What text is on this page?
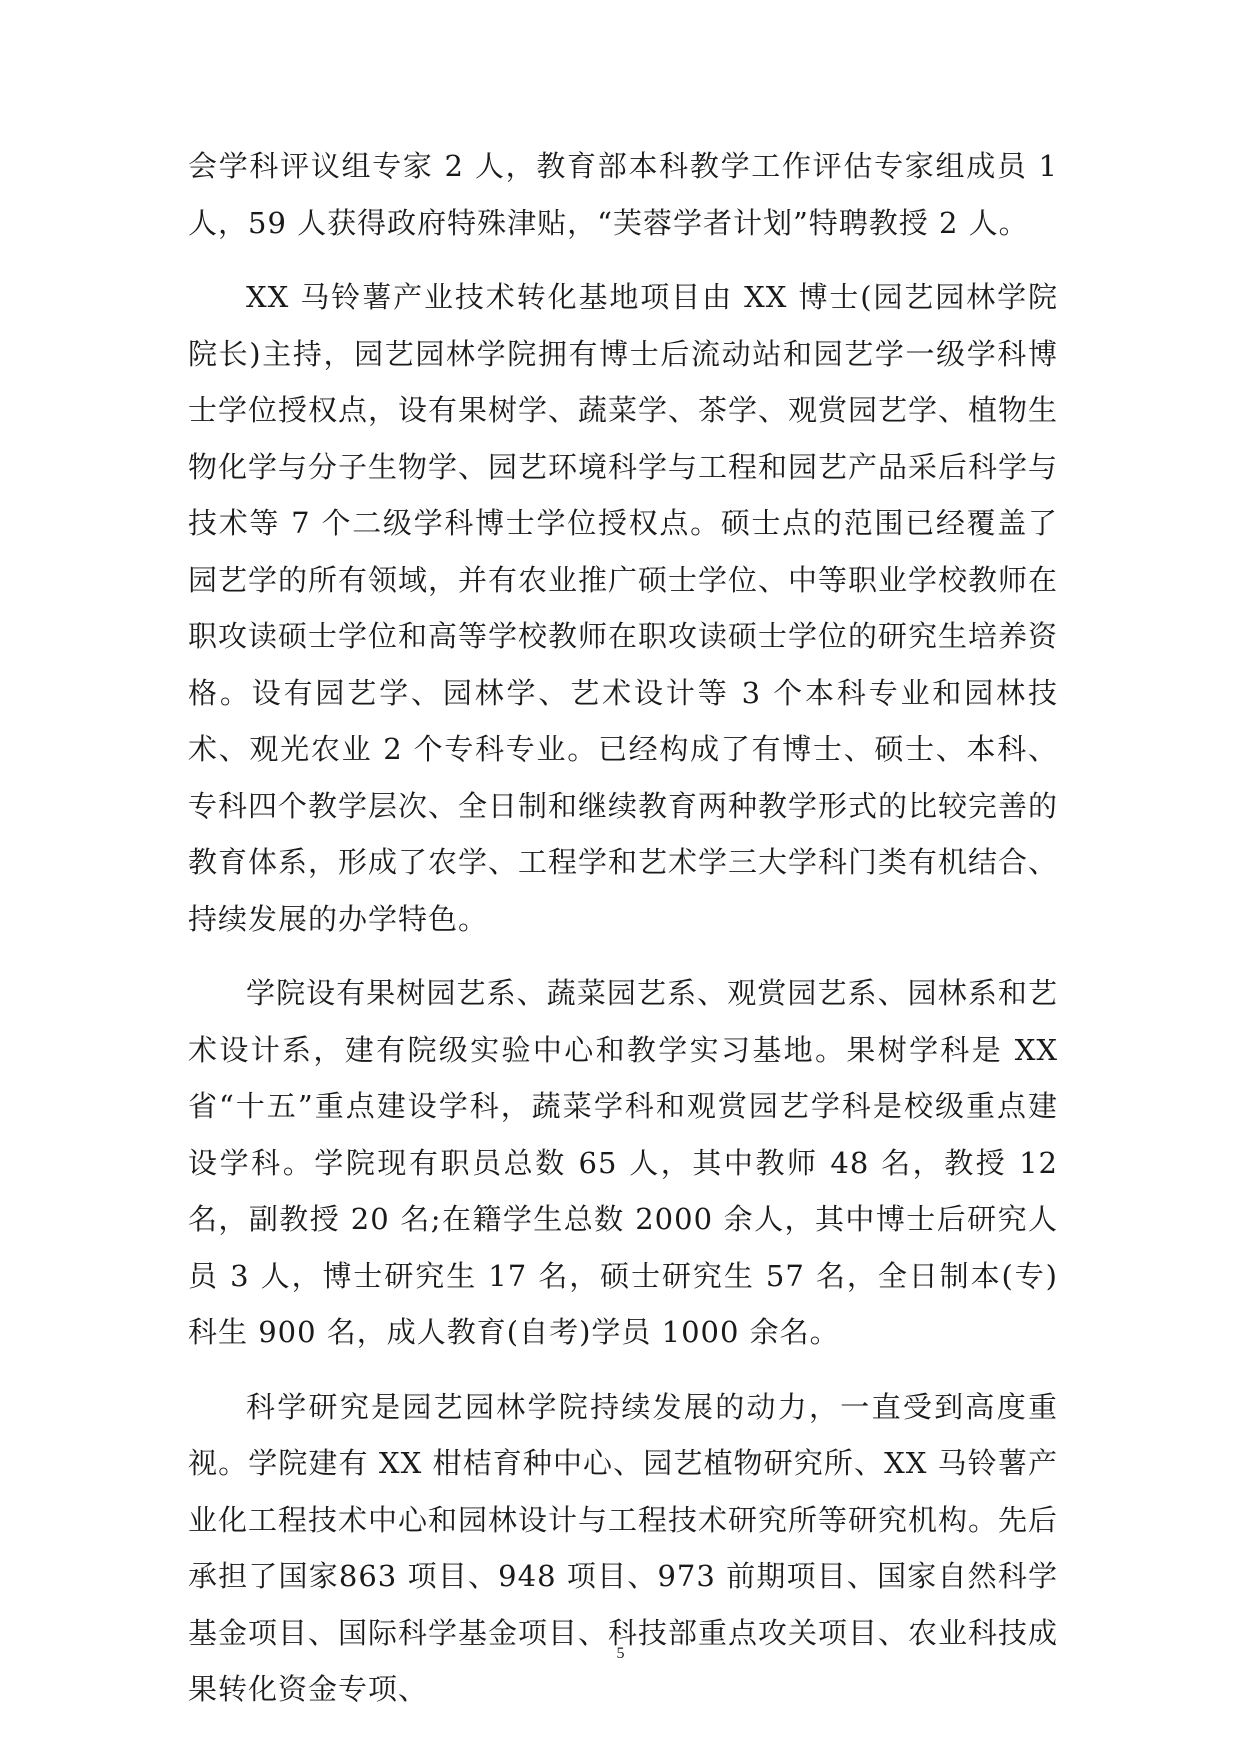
会学科评议组专家 2 人，教育部本科教学工作评估专家组成员 1 人，59 人获得政府特殊津贴，“芙蓉学者计划”特聘教授 2 人。

XX 马铃薯产业技术转化基地项目由 XX 博士(园艺园林学院院长)主持，园艺园林学院拥有博士后流动站和园艺学一级学科博士学位授权点，设有果树学、蔬菜学、茶学、观赏园艺学、植物生物化学与分子生物学、园艺环境科学与工程和园艺产品采后科学与技术等 7 个二级学科博士学位授权点。硕士点的范围已经覆盖了园艺学的所有领域，并有农业推广硕士学位、中等职业学校教师在职攻读硕士学位和高等学校教师在职攻读硕士学位的研究生培养资格。设有园艺学、园林学、艺术设计等 3 个本科专业和园林技术、观光农业 2 个专科专业。已经构成了有博士、硕士、本科、专科四个教学层次、全日制和继续教育两种教学形式的比较完善的教育体系，形成了农学、工程学和艺术学三大学科门类有机结合、持续发展的办学特色。

学院设有果树园艺系、蔬菜园艺系、观赏园艺系、园林系和艺术设计系，建有院级实验中心和教学实习基地。果树学科是 XX 省“十五”重点建设学科，蔬菜学科和观赏园艺学科是校级重点建设学科。学院现有职员总数 65 人，其中教师 48 名，教授 12 名，副教授 20 名;在籍学生总数 2000 余人，其中博士后研究人员 3 人，博士研究生 17 名，硕士研究生 57 名，全日制本(专)科生 900 名，成人教育(自考)学员 1000 余名。

科学研究是园艺园林学院持续发展的动力，一直受到高度重视。学院建有 XX 柑桔育种中心、园艺植物研究所、XX 马铃薯产业化工程技术中心和园林设计与工程技术研究所等研究机构。先后承担了国家863 项目、948 项目、973 前期项目、国家自然科学基金项目、国际科学基金项目、科技部重点攻关项目、农业科技成果转化资金专项、

5
